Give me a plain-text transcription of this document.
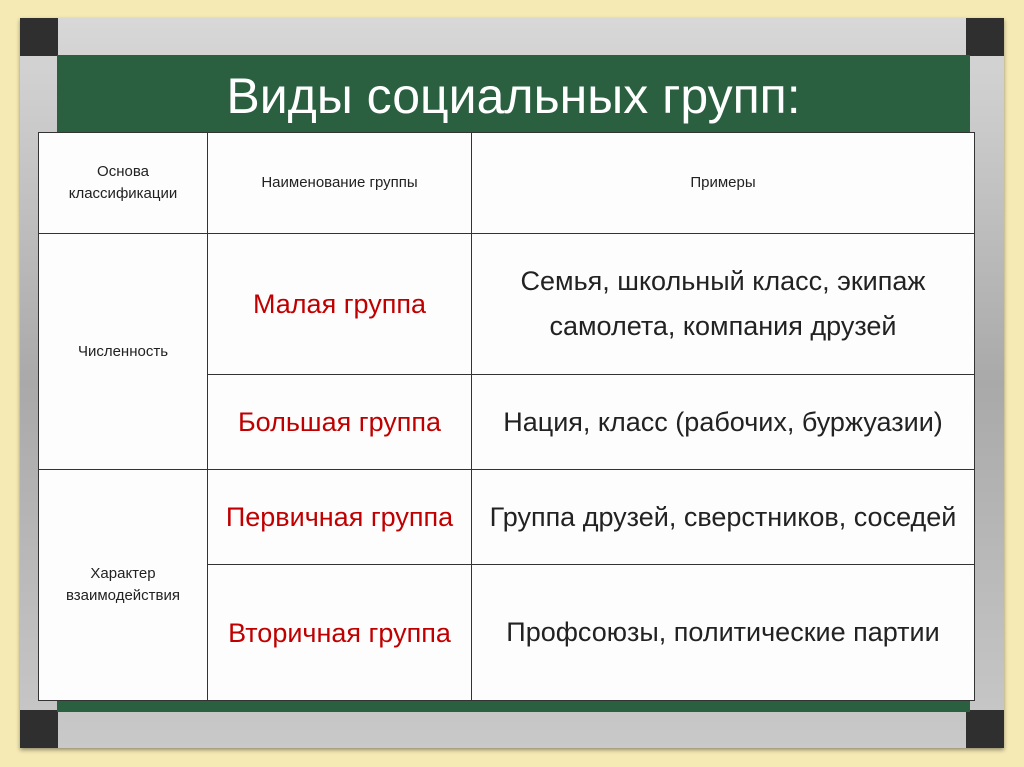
Виды социальных групп:
Основа классификации	Наименование группы	Примеры
Численность	Малая группа	Семья, школьный класс, экипаж самолета, компания друзей
	Большая группа	Нация, класс (рабочих, буржуазии)
Характер взаимодействия	Первичная группа	Группа друзей, сверстников, соседей
	Вторичная группа	Профсоюзы, политические партии
